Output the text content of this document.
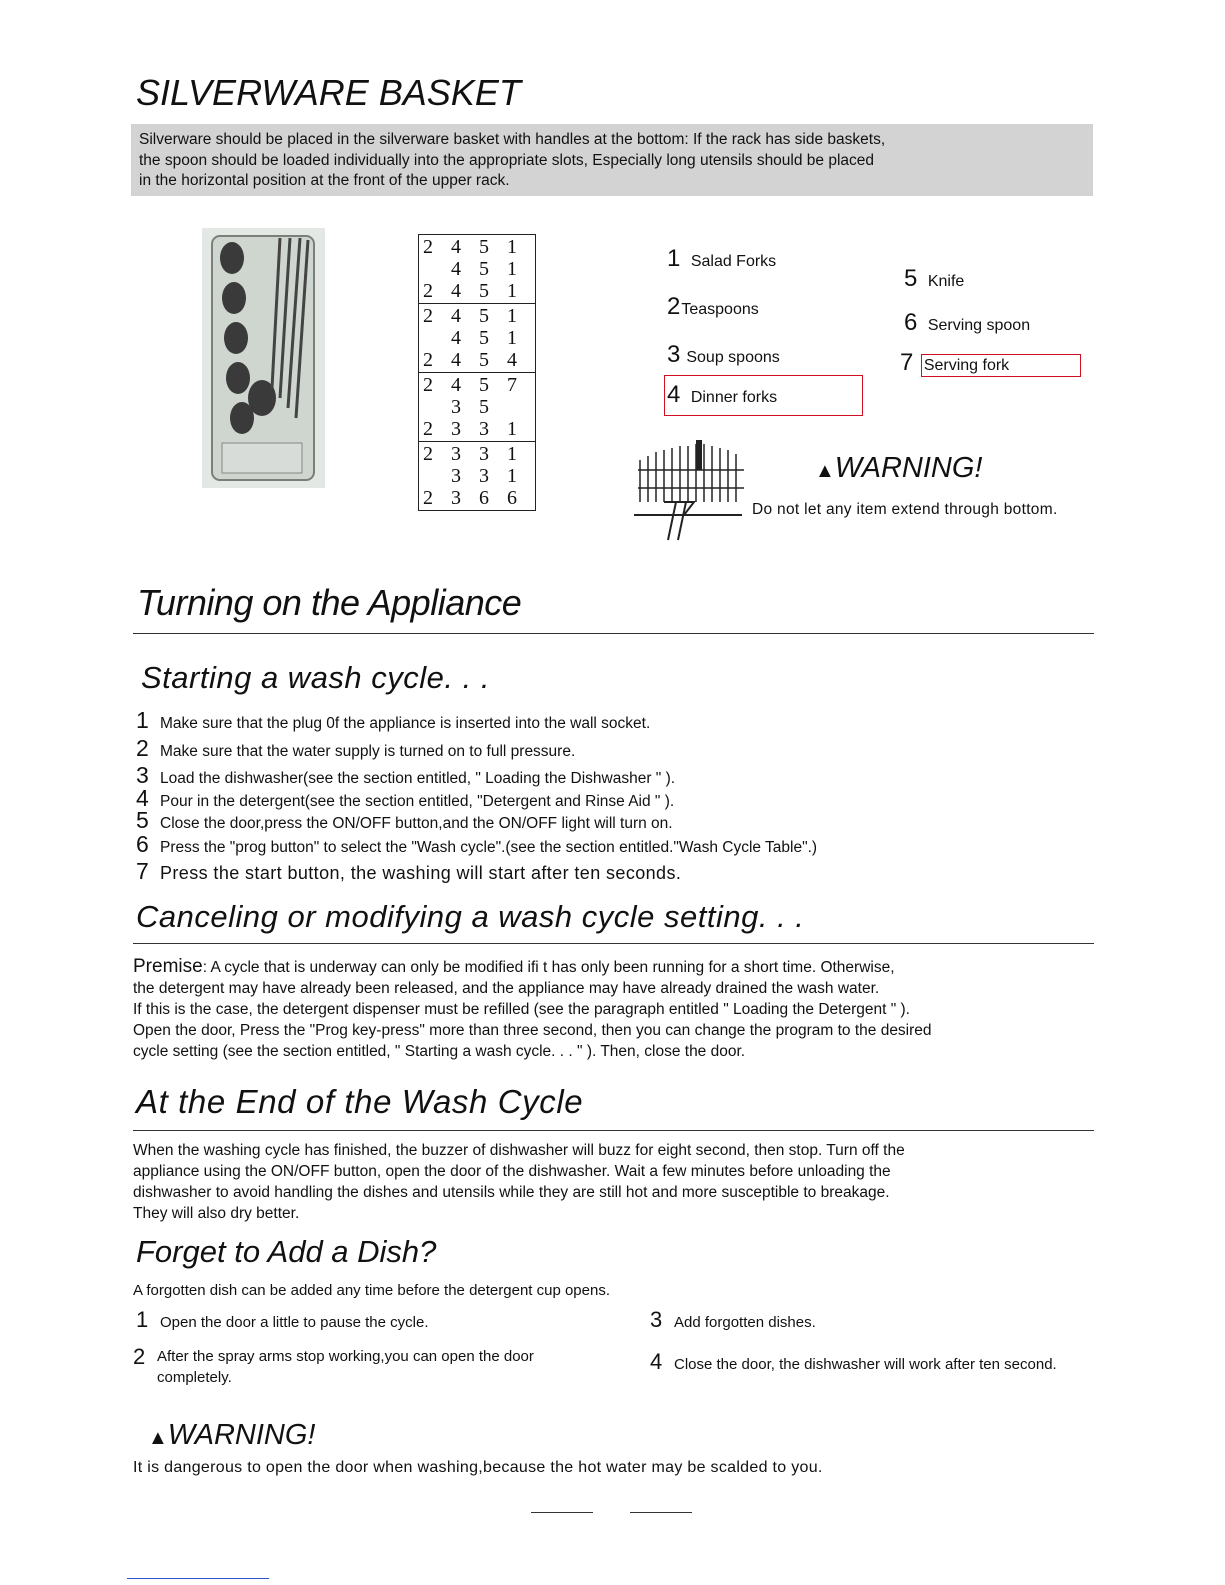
SILVERWARE BASKET
Silverware should be placed in the silverware basket with handles at the bottom: If the rack has side baskets,
the spoon should be loaded individually into the appropriate slots, Especially long utensils should be placed
in the horizontal position at the front of the upper rack.
2 4 5 1
4 5 1
2 4 5 1
2 4 5 1
4 5 1
2 4 5 4
2 4 5 7
3 5
2 3 3 1
2 3 3 1
3 3 1
2 3 6 6
1 Salad Forks
2Teaspoons
3 Soup spoons
4 Dinner forks
5 Knife
6 Serving spoon
7 Serving fork
▲WARNING!
Do not let any item extend through bottom.
Turning on the Appliance
Starting a wash cycle. . .
1 Make sure that the plug 0f the appliance is inserted into the wall socket.
2 Make sure that the water supply is turned on to full pressure.
3 Load the dishwasher(see the section entitled, " Loading the Dishwasher " ).
4 Pour in the detergent(see the section entitled, "Detergent and Rinse Aid " ).
5 Close the door,press the ON/OFF button,and the ON/OFF light will turn on.
6 Press the "prog button" to select the "Wash cycle".(see the section entitled."Wash Cycle Table".)
7 Press the start button, the washing will start after ten seconds.
Canceling or modifying a wash cycle setting. . .
Premise: A cycle that is underway can only be modified ifi t has only been running for a short time. Otherwise,
the detergent may have already been released, and the appliance may have already drained the wash water.
If this is the case, the detergent dispenser must be refilled (see the paragraph entitled " Loading the Detergent " ).
Open the door, Press the "Prog key-press" more than three second, then you can change the program to the desired
cycle setting (see the section entitled, " Starting a wash cycle. . . " ). Then, close the door.
At the End of the Wash Cycle
When the washing cycle has finished, the buzzer of dishwasher will buzz for eight second, then stop. Turn off the
appliance using the ON/OFF button, open the door of the dishwasher. Wait a few minutes before unloading the
dishwasher to avoid handling the dishes and utensils while they are still hot and more susceptible to breakage.
They will also dry better.
Forget to Add a Dish?
A forgotten dish can be added any time before the detergent cup opens.
1 Open the door a little to pause the cycle.
2 After the spray arms stop working,you can open the door completely.
3 Add forgotten dishes.
4 Close the door, the dishwasher will work after ten second.
▲WARNING!
It is dangerous to open the door when washing,because the hot water may be scalded to you.
